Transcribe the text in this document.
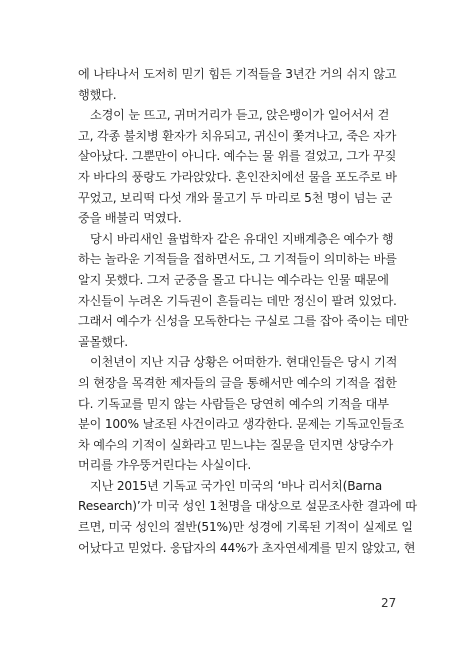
에 나타나서 도저히 믿기 힘든 기적들을 3년간 거의 쉬지 않고
행했다.
소경이 눈 뜨고, 귀머거리가 듣고, 앉은뱅이가 일어서서 걷
고, 각종 불치병 환자가 치유되고, 귀신이 쫓겨나고, 죽은 자가
살아났다. 그뿐만이 아니다. 예수는 물 위를 걸었고, 그가 꾸짖
자 바다의 풍랑도 가라앉았다. 혼인잔치에선 물을 포도주로 바
꾸었고, 보리떡 다섯 개와 물고기 두 마리로 5천 명이 넘는 군
중을 배불리 먹였다.
당시 바리새인 율법학자 같은 유대인 지배계층은 예수가 행
하는 놀라운 기적들을 접하면서도, 그 기적들이 의미하는 바를
알지 못했다. 그저 군중을 몰고 다니는 예수라는 인물 때문에
자신들이 누려온 기득권이 흔들리는 데만 정신이 팔려 있었다.
그래서 예수가 신성을 모독한다는 구실로 그를 잡아 죽이는 데만
골몰했다.
이천년이 지난 지금 상황은 어떠한가. 현대인들은 당시 기적
의 현장을 목격한 제자들의 글을 통해서만 예수의 기적을 접한
다. 기독교를 믿지 않는 사람들은 당연히 예수의 기적을 대부
분이 100% 날조된 사건이라고 생각한다. 문제는 기독교인들조
차 예수의 기적이 실화라고 믿느냐는 질문을 던지면 상당수가
머리를 갸우뚱거린다는 사실이다.
지난 2015년 기독교 국가인 미국의 ‘바나 리서치(Barna
Research)’가 미국 성인 1천명을 대상으로 설문조사한 결과에 따
르면, 미국 성인의 절반(51%)만 성경에 기록된 기적이 실제로 일
어났다고 믿었다. 응답자의 44%가 초자연세계를 믿지 않았고, 현
27
